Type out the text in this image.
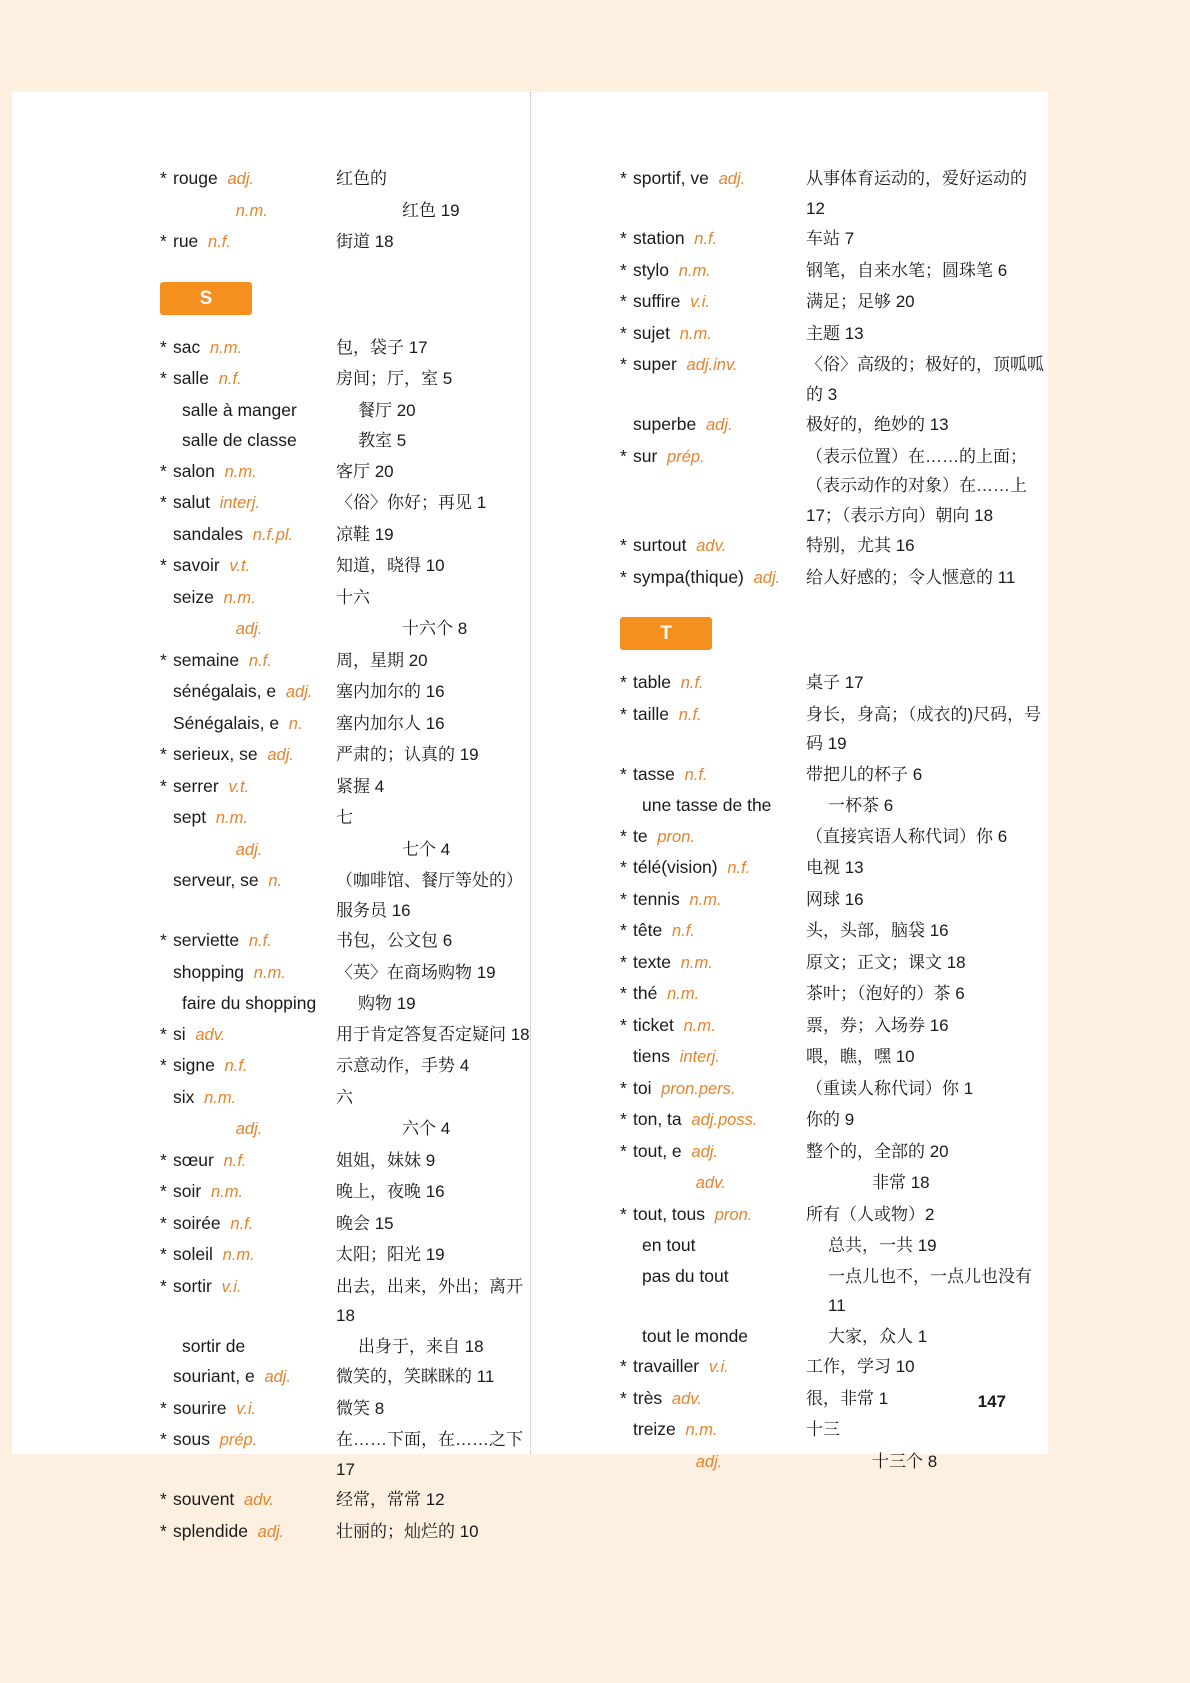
* rouge adj.	红色的
n.m.	红色 19
* rue n.f.	街道 18
S
* sac n.m.	包，袋子 17
* salle n.f.	房间；厅，室 5
salle à manger	餐厅 20
salle de classe	教室 5
* salon n.m.	客厅 20
* salut interj.	〈俗〉你好；再见 1
sandales n.f.pl.	凉鞋 19
* savoir v.t.	知道，晓得 10
seize n.m.	十六
adj.	十六个 8
* semaine n.f.	周，星期 20
sénégalais, e adj.	塞内加尔的 16
Sénégalais, e n.	塞内加尔人 16
* serieux, se adj.	严肃的；认真的 19
* serrer v.t.	紧握 4
sept n.m.	七
adj.	七个 4
serveur, se n.	（咖啡馆、餐厅等处的）服务员 16
* serviette n.f.	书包，公文包 6
shopping n.m.	〈英〉在商场购物 19
faire du shopping	购物 19
* si adv.	用于肯定答复否定疑问 18
* signe n.f.	示意动作，手势 4
six n.m.	六
adj.	六个 4
* sœur n.f.	姐姐，妹妹 9
* soir n.m.	晚上，夜晚 16
* soirée n.f.	晚会 15
* soleil n.m.	太阳；阳光 19
* sortir v.i.	出去，出来，外出；离开 18
sortir de	出身于，来自 18
souriant, e adj.	微笑的，笑眯眯的 11
* sourire v.i.	微笑 8
* sous prép.	在……下面，在……之下 17
* souvent adv.	经常，常常 12
* splendide adj.	壮丽的；灿烂的 10
* sportif, ve adj.	从事体育运动的，爱好运动的 12
* station n.f.	车站 7
* stylo n.m.	钢笔，自来水笔；圆珠笔 6
* suffire v.i.	满足；足够 20
* sujet n.m.	主题 13
* super adj.inv.	〈俗〉高级的；极好的，顶呱呱的 3
superbe adj.	极好的，绝妙的 13
* sur prép.	（表示位置）在……的上面；（表示动作的对象）在……上 17；（表示方向）朝向 18
* surtout adv.	特别，尤其 16
* sympa(thique) adj.	给人好感的；令人惬意的 11
T
* table n.f.	桌子 17
* taille n.f.	身长，身高；（成衣的)尺码，号码 19
* tasse n.f.	带把儿的杯子 6
une tasse de the	一杯茶 6
* te pron.	（直接宾语人称代词）你 6
* télé(vision) n.f.	电视 13
* tennis n.m.	网球 16
* tête n.f.	头，头部，脑袋 16
* texte n.m.	原文；正文；课文 18
* thé n.m.	茶叶；（泡好的）茶 6
* ticket n.m.	票，券；入场券 16
tiens interj.	喂，瞧，嘿 10
* toi pron.pers.	（重读人称代词）你 1
* ton, ta adj.poss.	你的 9
* tout, e adj.	整个的，全部的 20
adv.	非常 18
* tout, tous pron.	所有（人或物）2
en tout	总共，一共 19
pas du tout	一点儿也不，一点儿也没有 11
tout le monde	大家，众人 1
* travailler v.i.	工作，学习 10
* très adv.	很，非常 1
treize n.m.	十三
adj.	十三个 8
147
